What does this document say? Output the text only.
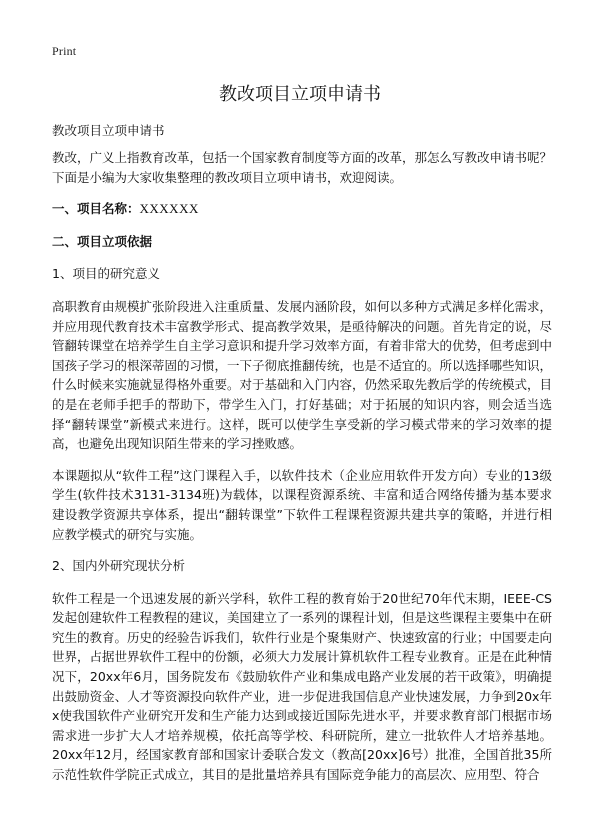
Print
教改项目立项申请书

教改项目立项申请书

教改，广义上指教育改革，包括一个国家教育制度等方面的改革，那怎么写教改申请书呢？下面是小编为大家收集整理的教改项目立项申请书，欢迎阅读。

一、项目名称：XXXXXX

二、项目立项依据

1、项目的研究意义

高职教育由规模扩张阶段进入注重质量、发展内涵阶段，如何以多种方式满足多样化需求，并应用现代教育技术丰富教学形式、提高教学效果，是亟待解决的问题。首先肯定的说，尽管翻转课堂在培养学生自主学习意识和提升学习效率方面，有着非常大的优势，但考虑到中国孩子学习的根深蒂固的习惯，一下子彻底推翻传统，也是不适宜的。所以选择哪些知识，什么时候来实施就显得格外重要。对于基础和入门内容，仍然采取先教后学的传统模式，目的是在老师手把手的帮助下，带学生入门，打好基础；对于拓展的知识内容，则会适当选择“翻转课堂”新模式来进行。这样，既可以使学生享受新的学习模式带来的学习效率的提高，也避免出现知识陌生带来的学习挫败感。

本课题拟从“软件工程”这门课程入手，以软件技术（企业应用软件开发方向）专业的13级学生(软件技术3131-3134班)为载体，以课程资源系统、丰富和适合网络传播为基本要求建设教学资源共享体系，提出“翻转课堂”下软件工程课程资源共建共享的策略，并进行相应教学模式的研究与实施。

2、国内外研究现状分析

软件工程是一个迅速发展的新兴学科，软件工程的教育始于20世纪70年代末期，IEEE-CS发起创建软件工程教程的建议，美国建立了一系列的课程计划，但是这些课程主要集中在研究生的教育。历史的经验告诉我们，软件行业是个聚集财产、快速致富的行业；中国要走向世界，占据世界软件工程中的份额，必须大力发展计算机软件工程专业教育。正是在此种情况下，20xx年6月，国务院发布《鼓励软件产业和集成电路产业发展的若干政策》，明确提出鼓励资金、人才等资源投向软件产业，进一步促进我国信息产业快速发展，力争到20x年x使我国软件产业研究开发和生产能力达到或接近国际先进水平，并要求教育部门根据市场需求进一步扩大人才培养规模，依托高等学校、科研院所，建立一批软件人才培养基地。20xx年12月，经国家教育部和国家计委联合发文（教高[20xx]6号）批准，全国首批35所示范性软件学院正式成立，其目的是批量培养具有国际竞争能力的高层次、应用型、符合
